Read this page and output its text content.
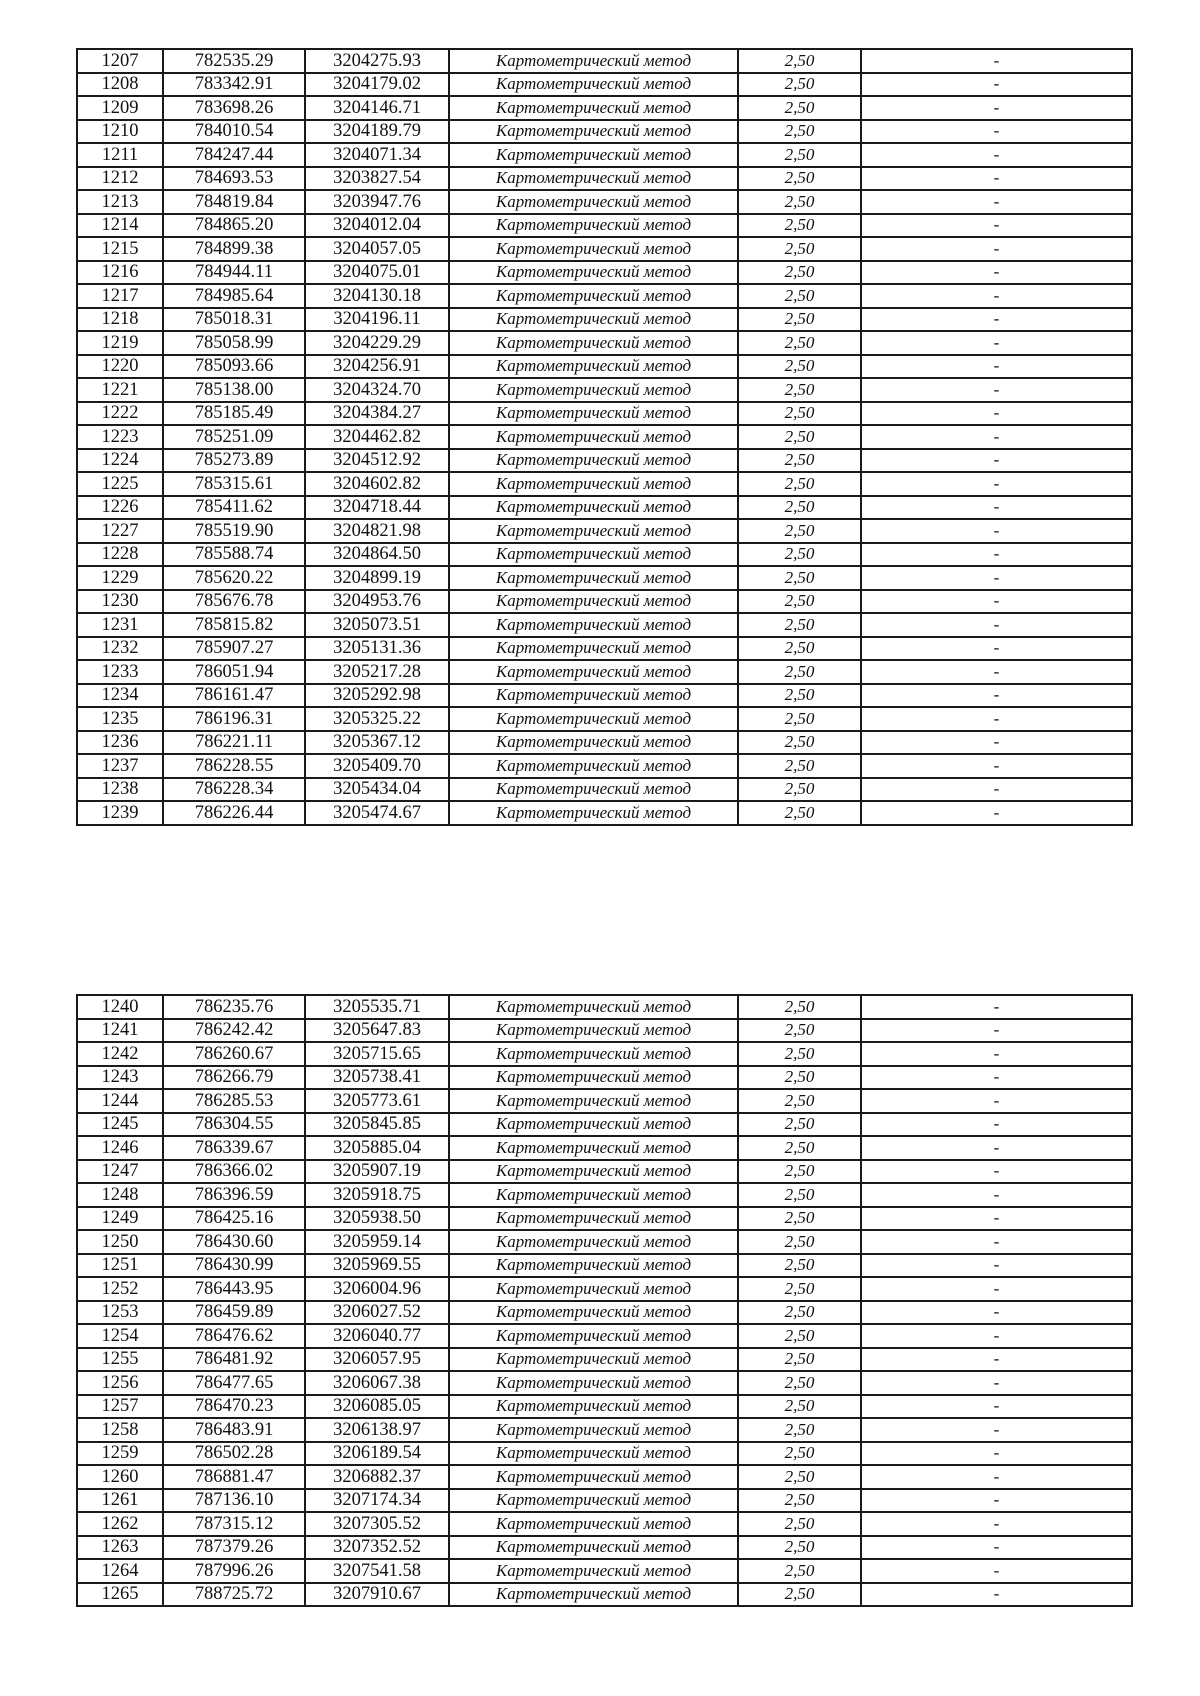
1207	782535.29	3204275.93	Картометрический метод	2,50	-
1208	783342.91	3204179.02	Картометрический метод	2,50	-
1209	783698.26	3204146.71	Картометрический метод	2,50	-
1210	784010.54	3204189.79	Картометрический метод	2,50	-
1211	784247.44	3204071.34	Картометрический метод	2,50	-
1212	784693.53	3203827.54	Картометрический метод	2,50	-
1213	784819.84	3203947.76	Картометрический метод	2,50	-
1214	784865.20	3204012.04	Картометрический метод	2,50	-
1215	784899.38	3204057.05	Картометрический метод	2,50	-
1216	784944.11	3204075.01	Картометрический метод	2,50	-
1217	784985.64	3204130.18	Картометрический метод	2,50	-
1218	785018.31	3204196.11	Картометрический метод	2,50	-
1219	785058.99	3204229.29	Картометрический метод	2,50	-
1220	785093.66	3204256.91	Картометрический метод	2,50	-
1221	785138.00	3204324.70	Картометрический метод	2,50	-
1222	785185.49	3204384.27	Картометрический метод	2,50	-
1223	785251.09	3204462.82	Картометрический метод	2,50	-
1224	785273.89	3204512.92	Картометрический метод	2,50	-
1225	785315.61	3204602.82	Картометрический метод	2,50	-
1226	785411.62	3204718.44	Картометрический метод	2,50	-
1227	785519.90	3204821.98	Картометрический метод	2,50	-
1228	785588.74	3204864.50	Картометрический метод	2,50	-
1229	785620.22	3204899.19	Картометрический метод	2,50	-
1230	785676.78	3204953.76	Картометрический метод	2,50	-
1231	785815.82	3205073.51	Картометрический метод	2,50	-
1232	785907.27	3205131.36	Картометрический метод	2,50	-
1233	786051.94	3205217.28	Картометрический метод	2,50	-
1234	786161.47	3205292.98	Картометрический метод	2,50	-
1235	786196.31	3205325.22	Картометрический метод	2,50	-
1236	786221.11	3205367.12	Картометрический метод	2,50	-
1237	786228.55	3205409.70	Картометрический метод	2,50	-
1238	786228.34	3205434.04	Картометрический метод	2,50	-
1239	786226.44	3205474.67	Картометрический метод	2,50	-
1240	786235.76	3205535.71	Картометрический метод	2,50	-
1241	786242.42	3205647.83	Картометрический метод	2,50	-
1242	786260.67	3205715.65	Картометрический метод	2,50	-
1243	786266.79	3205738.41	Картометрический метод	2,50	-
1244	786285.53	3205773.61	Картометрический метод	2,50	-
1245	786304.55	3205845.85	Картометрический метод	2,50	-
1246	786339.67	3205885.04	Картометрический метод	2,50	-
1247	786366.02	3205907.19	Картометрический метод	2,50	-
1248	786396.59	3205918.75	Картометрический метод	2,50	-
1249	786425.16	3205938.50	Картометрический метод	2,50	-
1250	786430.60	3205959.14	Картометрический метод	2,50	-
1251	786430.99	3205969.55	Картометрический метод	2,50	-
1252	786443.95	3206004.96	Картометрический метод	2,50	-
1253	786459.89	3206027.52	Картометрический метод	2,50	-
1254	786476.62	3206040.77	Картометрический метод	2,50	-
1255	786481.92	3206057.95	Картометрический метод	2,50	-
1256	786477.65	3206067.38	Картометрический метод	2,50	-
1257	786470.23	3206085.05	Картометрический метод	2,50	-
1258	786483.91	3206138.97	Картометрический метод	2,50	-
1259	786502.28	3206189.54	Картометрический метод	2,50	-
1260	786881.47	3206882.37	Картометрический метод	2,50	-
1261	787136.10	3207174.34	Картометрический метод	2,50	-
1262	787315.12	3207305.52	Картометрический метод	2,50	-
1263	787379.26	3207352.52	Картометрический метод	2,50	-
1264	787996.26	3207541.58	Картометрический метод	2,50	-
1265	788725.72	3207910.67	Картометрический метод	2,50	-
